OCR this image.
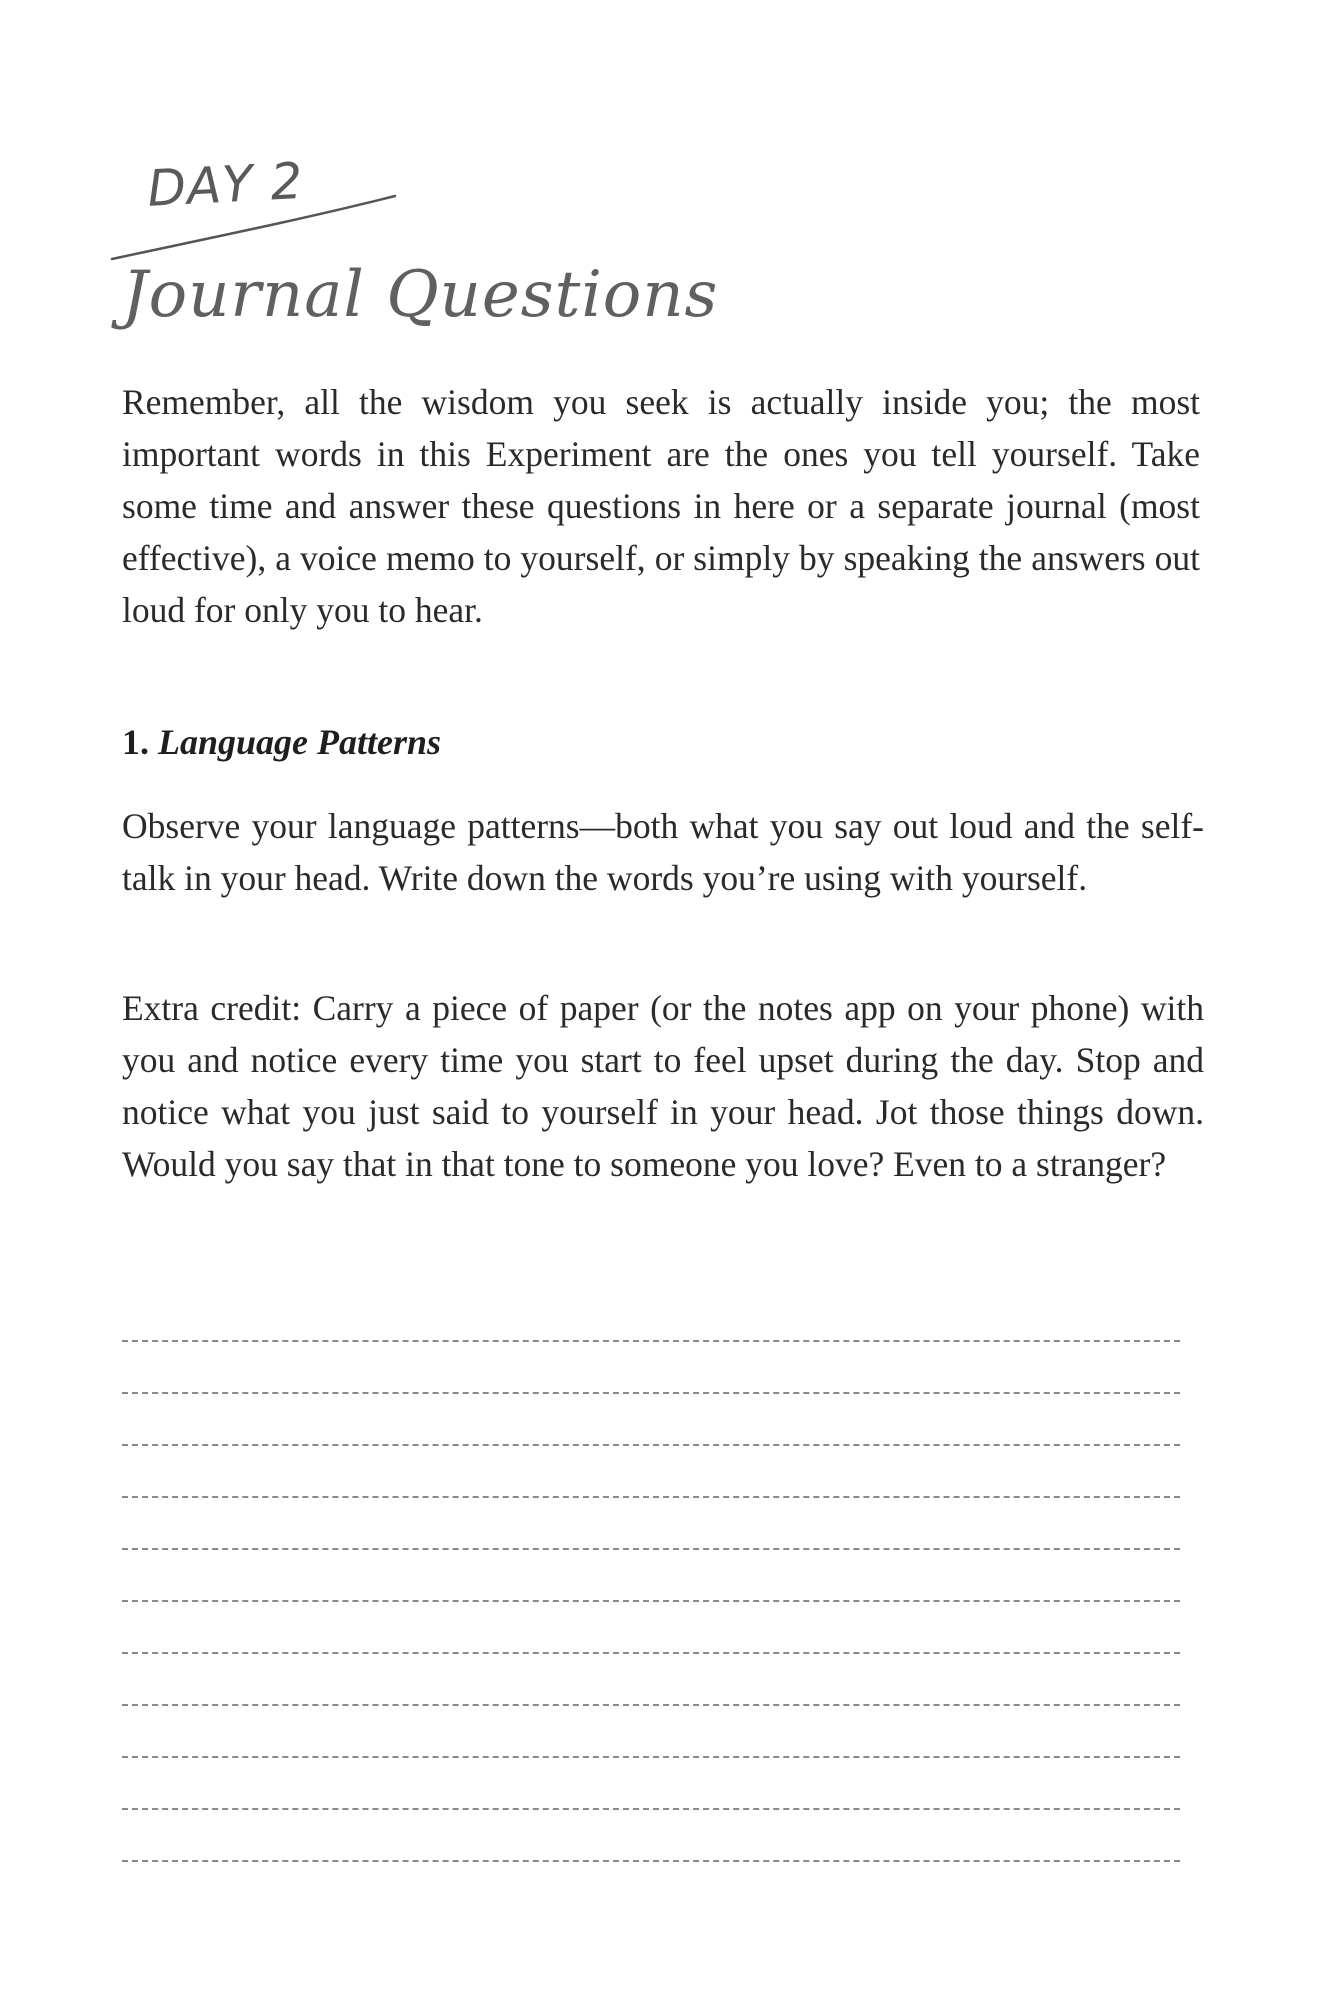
DAY 2
Journal Questions

Remember, all the wisdom you seek is actually inside you; the most important words in this Experiment are the ones you tell yourself. Take some time and answer these questions in here or a separate journal (most effective), a voice memo to yourself, or simply by speaking the answers out loud for only you to hear.

1. Language Patterns

Observe your language patterns—both what you say out loud and the self-talk in your head. Write down the words you’re using with yourself.

Extra credit: Carry a piece of paper (or the notes app on your phone) with you and notice every time you start to feel upset during the day. Stop and notice what you just said to yourself in your head. Jot those things down. Would you say that in that tone to someone you love? Even to a stranger?
